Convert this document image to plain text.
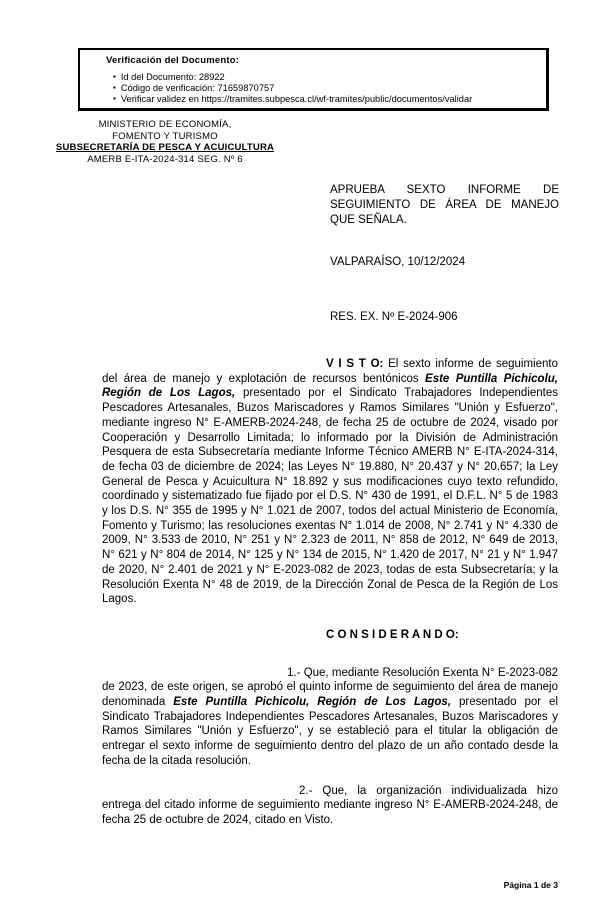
Verificación del Documento:
▪ Id del Documento: 28922
▪ Código de verificación: 71659870757
▪ Verificar validez en https://tramites.subpesca.cl/wf-tramites/public/documentos/validar
MINISTERIO DE ECONOMÍA,
FOMENTO Y TURISMO
SUBSECRETARÍA DE PESCA Y ACUICULTURA
AMERB E-ITA-2024-314 SEG. Nº 6
APRUEBA SEXTO INFORME DE
SEGUIMIENTO DE ÁREA DE MANEJO
QUE SEÑALA.
VALPARAÍSO, 10/12/2024
RES. EX. Nº E-2024-906

V I S T O: El sexto informe de seguimiento del área de manejo y explotación de recursos bentónicos Este Puntilla Pichicolu, Región de Los Lagos, presentado por el Sindicato Trabajadores Independientes Pescadores Artesanales, Buzos Mariscadores y Ramos Similares "Unión y Esfuerzo", mediante ingreso N° E-AMERB-2024-248, de fecha 25 de octubre de 2024, visado por Cooperación y Desarrollo Limitada; lo informado por la División de Administración Pesquera de esta Subsecretaría mediante Informe Técnico AMERB N° E-ITA-2024-314, de fecha 03 de diciembre de 2024; las Leyes N° 19.880, N° 20.437 y N° 20.657; la Ley General de Pesca y Acuicultura N° 18.892 y sus modificaciones cuyo texto refundido, coordinado y sistematizado fue fijado por el D.S. N° 430 de 1991, el D.F.L. N° 5 de 1983 y los D.S. N° 355 de 1995 y N° 1.021 de 2007, todos del actual Ministerio de Economía, Fomento y Turismo; las resoluciones exentas N° 1.014 de 2008, N° 2.741 y N° 4.330 de 2009, N° 3.533 de 2010, N° 251 y N° 2.323 de 2011, N° 858 de 2012, N° 649 de 2013, N° 621 y N° 804 de 2014, N° 125 y N° 134 de 2015, N° 1.420 de 2017, N° 21 y N° 1.947 de 2020, N° 2.401 de 2021 y N° E-2023-082 de 2023, todas de esta Subsecretaría; y la Resolución Exenta N° 48 de 2019, de la Dirección Zonal de Pesca de la Región de Los Lagos.

C O N S I D E R A N D O:

1.- Que, mediante Resolución Exenta N° E-2023-082 de 2023, de este origen, se aprobó el quinto informe de seguimiento del área de manejo denominada Este Puntilla Pichicolu, Región de Los Lagos, presentado por el Sindicato Trabajadores Independientes Pescadores Artesanales, Buzos Mariscadores y Ramos Similares "Unión y Esfuerzo", y se estableció para el titular la obligación de entregar el sexto informe de seguimiento dentro del plazo de un año contado desde la fecha de la citada resolución.

2.- Que, la organización individualizada hizo entrega del citado informe de seguimiento mediante ingreso N° E-AMERB-2024-248, de fecha 25 de octubre de 2024, citado en Visto.

Página 1 de 3
